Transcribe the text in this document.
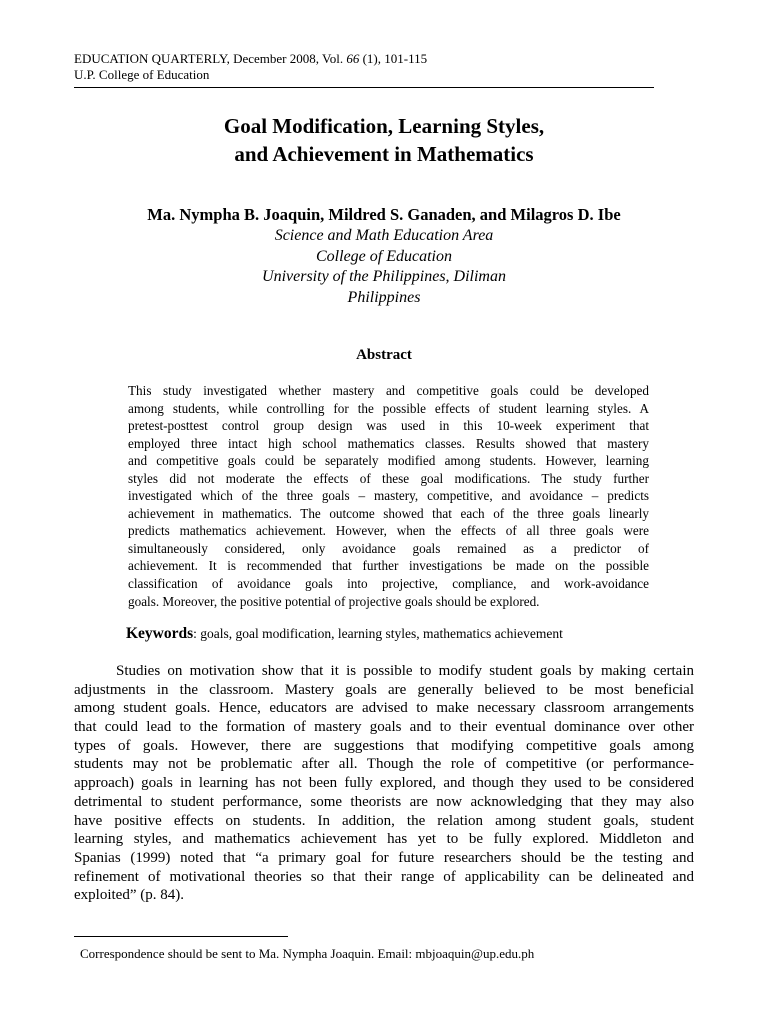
EDUCATION QUARTERLY, December 2008, Vol. 66 (1), 101-115
U.P. College of Education
Goal Modification, Learning Styles,
and Achievement in Mathematics
Ma. Nympha B. Joaquin, Mildred S. Ganaden, and Milagros D. Ibe
Science and Math Education Area
College of Education
University of the Philippines, Diliman
Philippines
Abstract
This study investigated whether mastery and competitive goals could be developed
among students, while controlling for the possible effects of student learning styles. A
pretest-posttest control group design was used in this 10-week experiment that
employed three intact high school mathematics classes. Results showed that mastery
and competitive goals could be separately modified among students. However, learning
styles did not moderate the effects of these goal modifications. The study further
investigated which of the three goals – mastery, competitive, and avoidance – predicts
achievement in mathematics. The outcome showed that each of the three goals linearly
predicts mathematics achievement. However, when the effects of all three goals were
simultaneously considered, only avoidance goals remained as a predictor of
achievement. It is recommended that further investigations be made on the possible
classification of avoidance goals into projective, compliance, and work-avoidance
goals. Moreover, the positive potential of projective goals should be explored.
Keywords: goals, goal modification, learning styles, mathematics achievement
Studies on motivation show that it is possible to modify student goals by making certain
adjustments in the classroom. Mastery goals are generally believed to be most beneficial
among student goals. Hence, educators are advised to make necessary classroom arrangements
that could lead to the formation of mastery goals and to their eventual dominance over other
types of goals. However, there are suggestions that modifying competitive goals among
students may not be problematic after all. Though the role of competitive (or performance-
approach) goals in learning has not been fully explored, and though they used to be considered
detrimental to student performance, some theorists are now acknowledging that they may also
have positive effects on students. In addition, the relation among student goals, student
learning styles, and mathematics achievement has yet to be fully explored. Middleton and
Spanias (1999) noted that “a primary goal for future researchers should be the testing and
refinement of motivational theories so that their range of applicability can be delineated and
exploited” (p. 84).
Correspondence should be sent to Ma. Nympha Joaquin. Email: mbjoaquin@up.edu.ph
